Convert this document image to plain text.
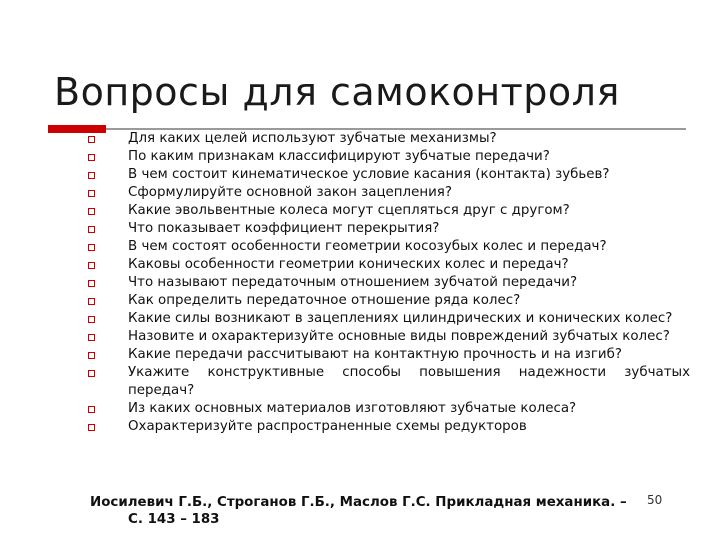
Вопросы для самоконтроля
Для каких целей используют зубчатые механизмы?
По каким признакам классифицируют зубчатые передачи?
В чем состоит кинематическое условие касания (контакта) зубьев?
Сформулируйте основной закон зацепления?
Какие эвольвентные колеса могут сцепляться друг с другом?
Что показывает коэффициент перекрытия?
В чем состоят особенности геометрии косозубых колес и передач?
Каковы особенности геометрии конических колес и передач?
Что называют передаточным отношением зубчатой передачи?
Как определить передаточное отношение ряда колес?
Какие силы возникают в зацеплениях цилиндрических и конических колес?
Назовите и охарактеризуйте основные виды повреждений зубчатых колес?
Какие передачи рассчитывают на контактную прочность и на изгиб?
Укажите конструктивные способы повышения надежности зубчатых передач?
Из каких основных материалов изготовляют зубчатые колеса?
Охарактеризуйте распространенные схемы редукторов
Иосилевич Г.Б., Строганов Г.Б., Маслов Г.С. Прикладная механика. –
С. 143 – 183
50
